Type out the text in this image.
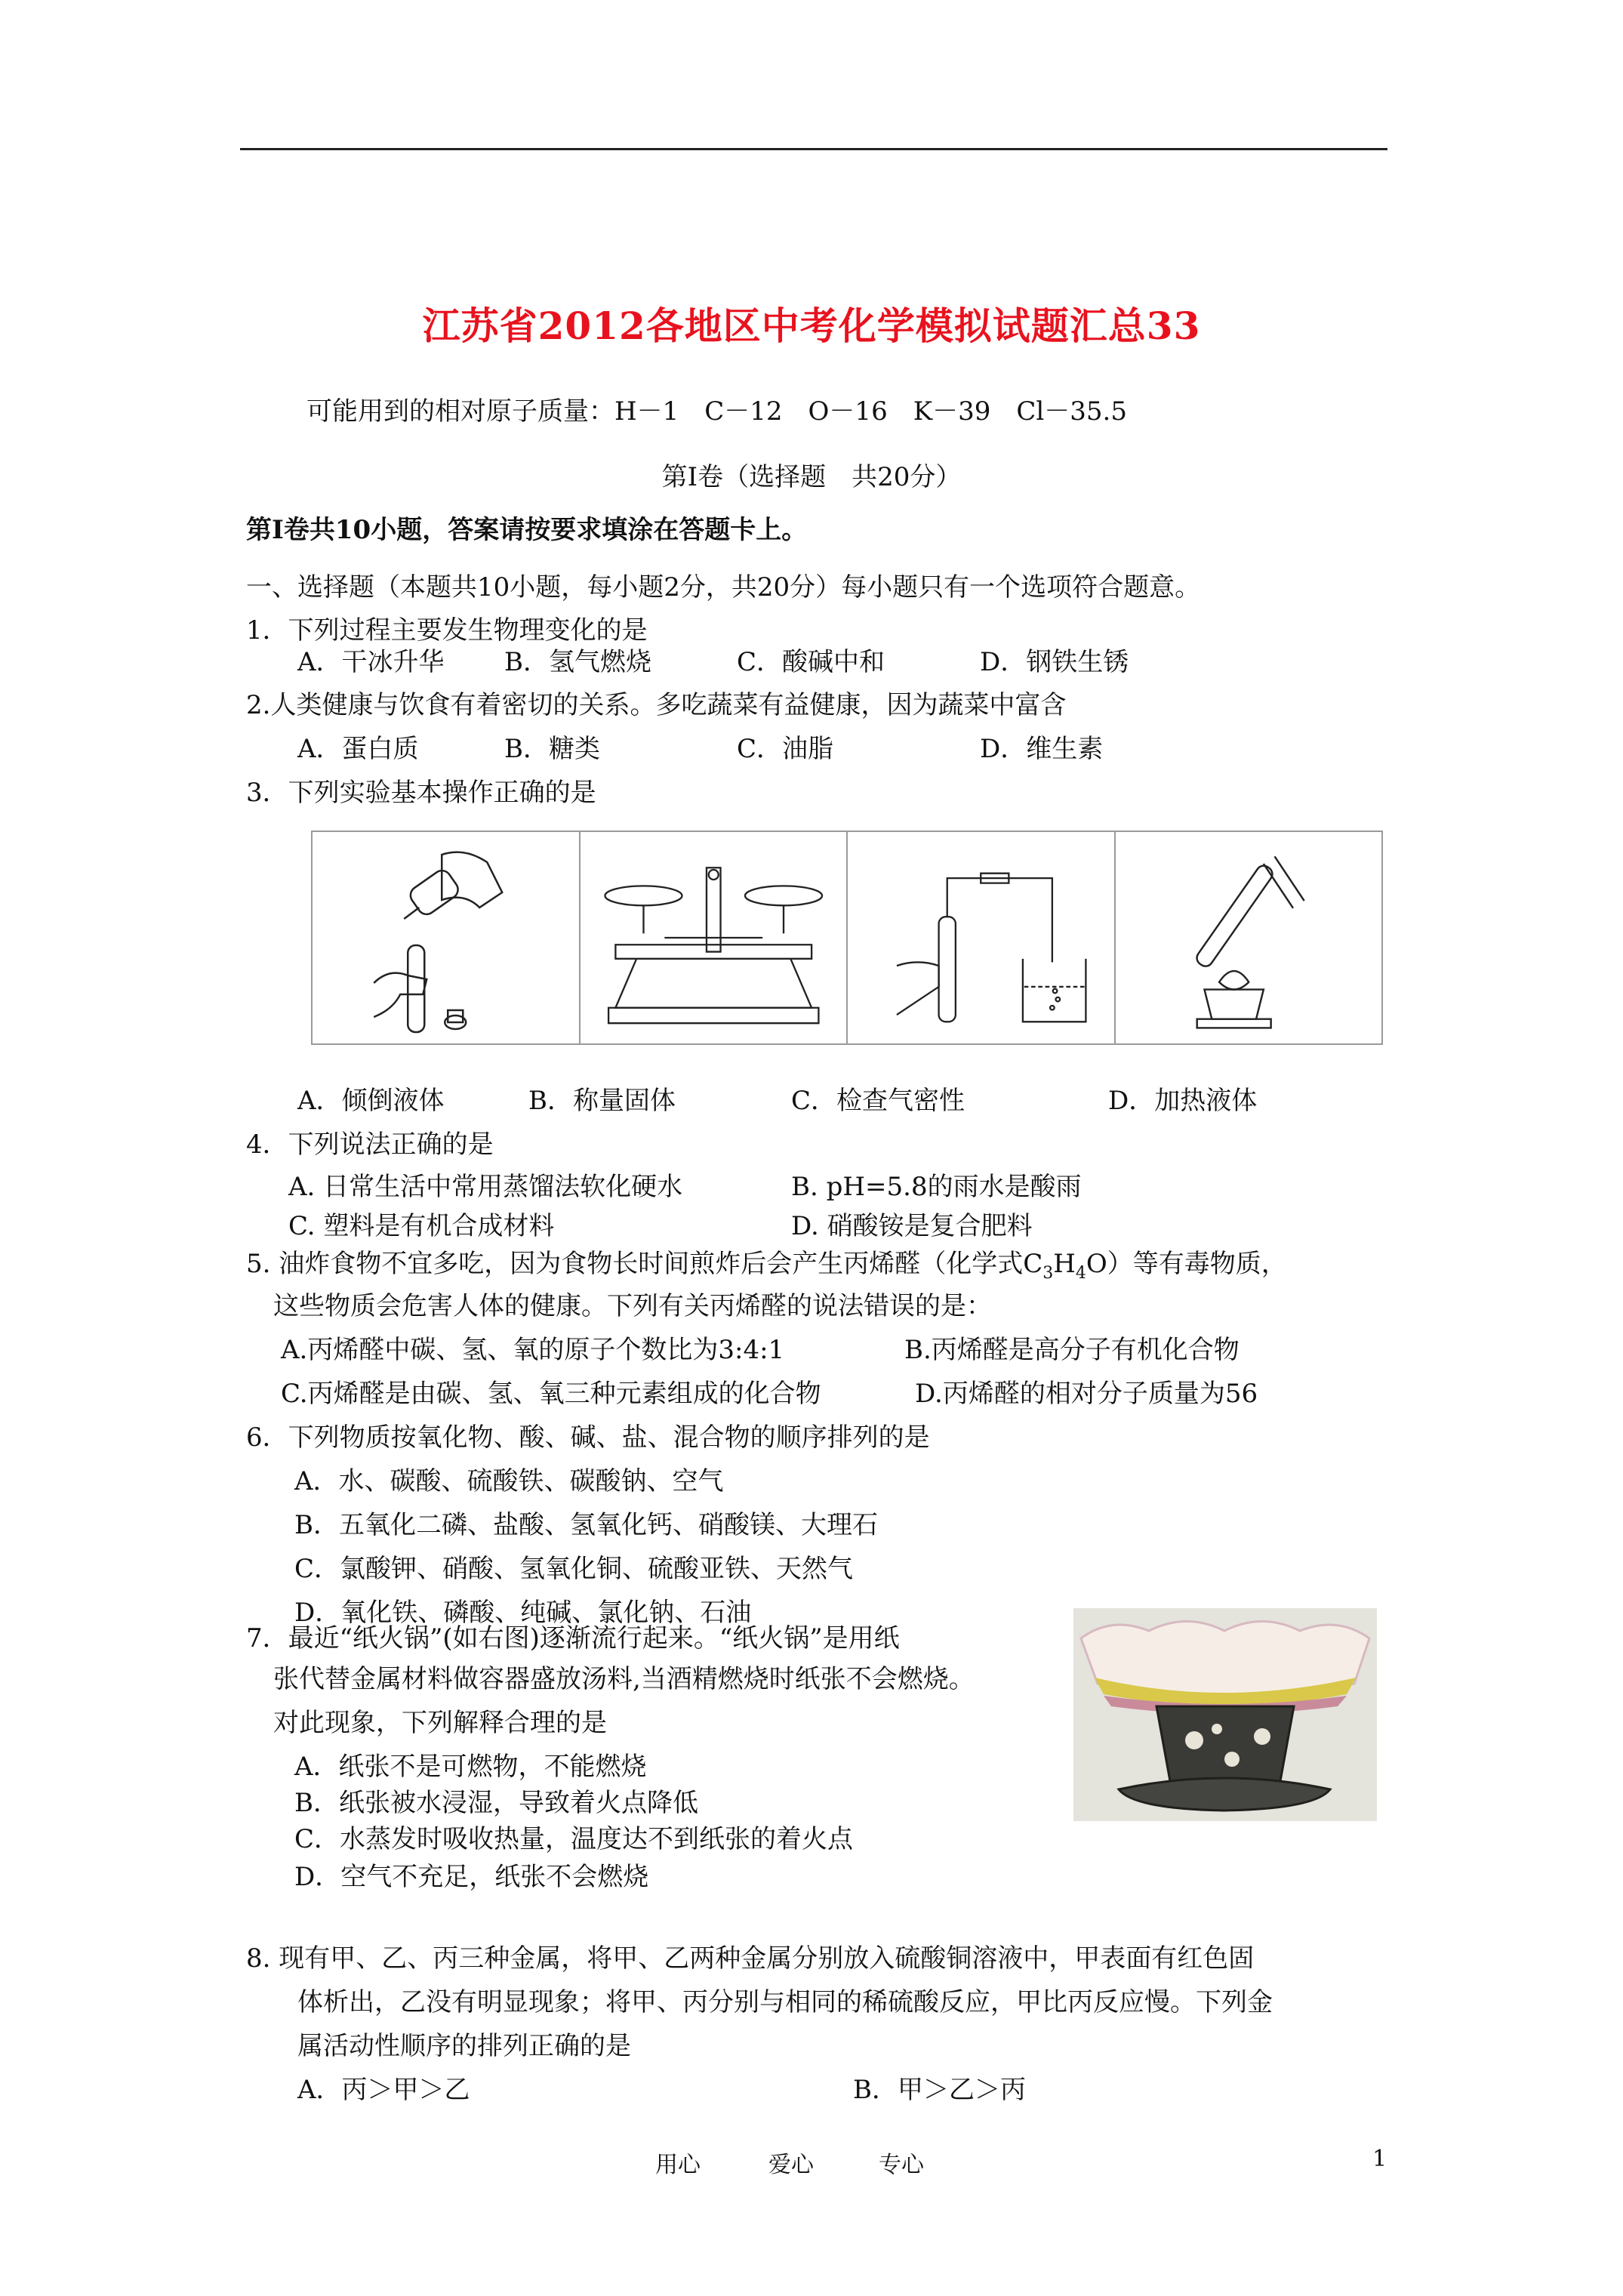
江苏省2012各地区中考化学模拟试题汇总33
可能用到的相对原子质量：H－1　C－12　O－16　K－39　Cl－35.5
第Ⅰ卷（选择题　共20分）
第Ⅰ卷共10小题，答案请按要求填涂在答题卡上。
一、选择题（本题共10小题，每小题2分，共20分）每小题只有一个选项符合题意。
1．下列过程主要发生物理变化的是
A．干冰升华 B．氢气燃烧	C．酸碱中和	D．钢铁生锈
2.人类健康与饮食有着密切的关系。多吃蔬菜有益健康，因为蔬菜中富含
A．蛋白质	B．糖类	C．油脂	D．维生素
3．下列实验基本操作正确的是
A．倾倒液体	B．称量固体	C．检查气密性	D．加热液体
4．下列说法正确的是
A. 日常生活中常用蒸馏法软化硬水	B. pH=5.8的雨水是酸雨
C. 塑料是有机合成材料	D. 硝酸铵是复合肥料
5. 油炸食物不宜多吃，因为食物长时间煎炸后会产生丙烯醛（化学式$C_3H_4O$）等有毒物质，
这些物质会危害人体的健康。下列有关丙烯醛的说法错误的是：
A.丙烯醛中碳、氢、氧的原子个数比为3:4:1	B.丙烯醛是高分子有机化合物
C.丙烯醛是由碳、氢、氧三种元素组成的化合物	D.丙烯醛的相对分子质量为56
6．下列物质按氧化物、酸、碱、盐、混合物的顺序排列的是
A．水、碳酸、硫酸铁、碳酸钠、空气
B．五氧化二磷、盐酸、氢氧化钙、硝酸镁、大理石
C．氯酸钾、硝酸、氢氧化铜、硫酸亚铁、天然气
D．氧化铁、磷酸、纯碱、氯化钠、石油
7．最近“纸火锅”(如右图)逐渐流行起来。“纸火锅”是用纸
张代替金属材料做容器盛放汤料,当酒精燃烧时纸张不会燃烧。
对此现象，下列解释合理的是
A．纸张不是可燃物，不能燃烧
B．纸张被水浸湿，导致着火点降低
C．水蒸发时吸收热量，温度达不到纸张的着火点
D．空气不充足，纸张不会燃烧
8. 现有甲、乙、丙三种金属，将甲、乙两种金属分别放入硫酸铜溶液中，甲表面有红色固
体析出，乙没有明显现象；将甲、丙分别与相同的稀硫酸反应，甲比丙反应慢。下列金
属活动性顺序的排列正确的是
A．丙＞甲＞乙	B．甲＞乙＞丙
用心	爱心	专心	1
